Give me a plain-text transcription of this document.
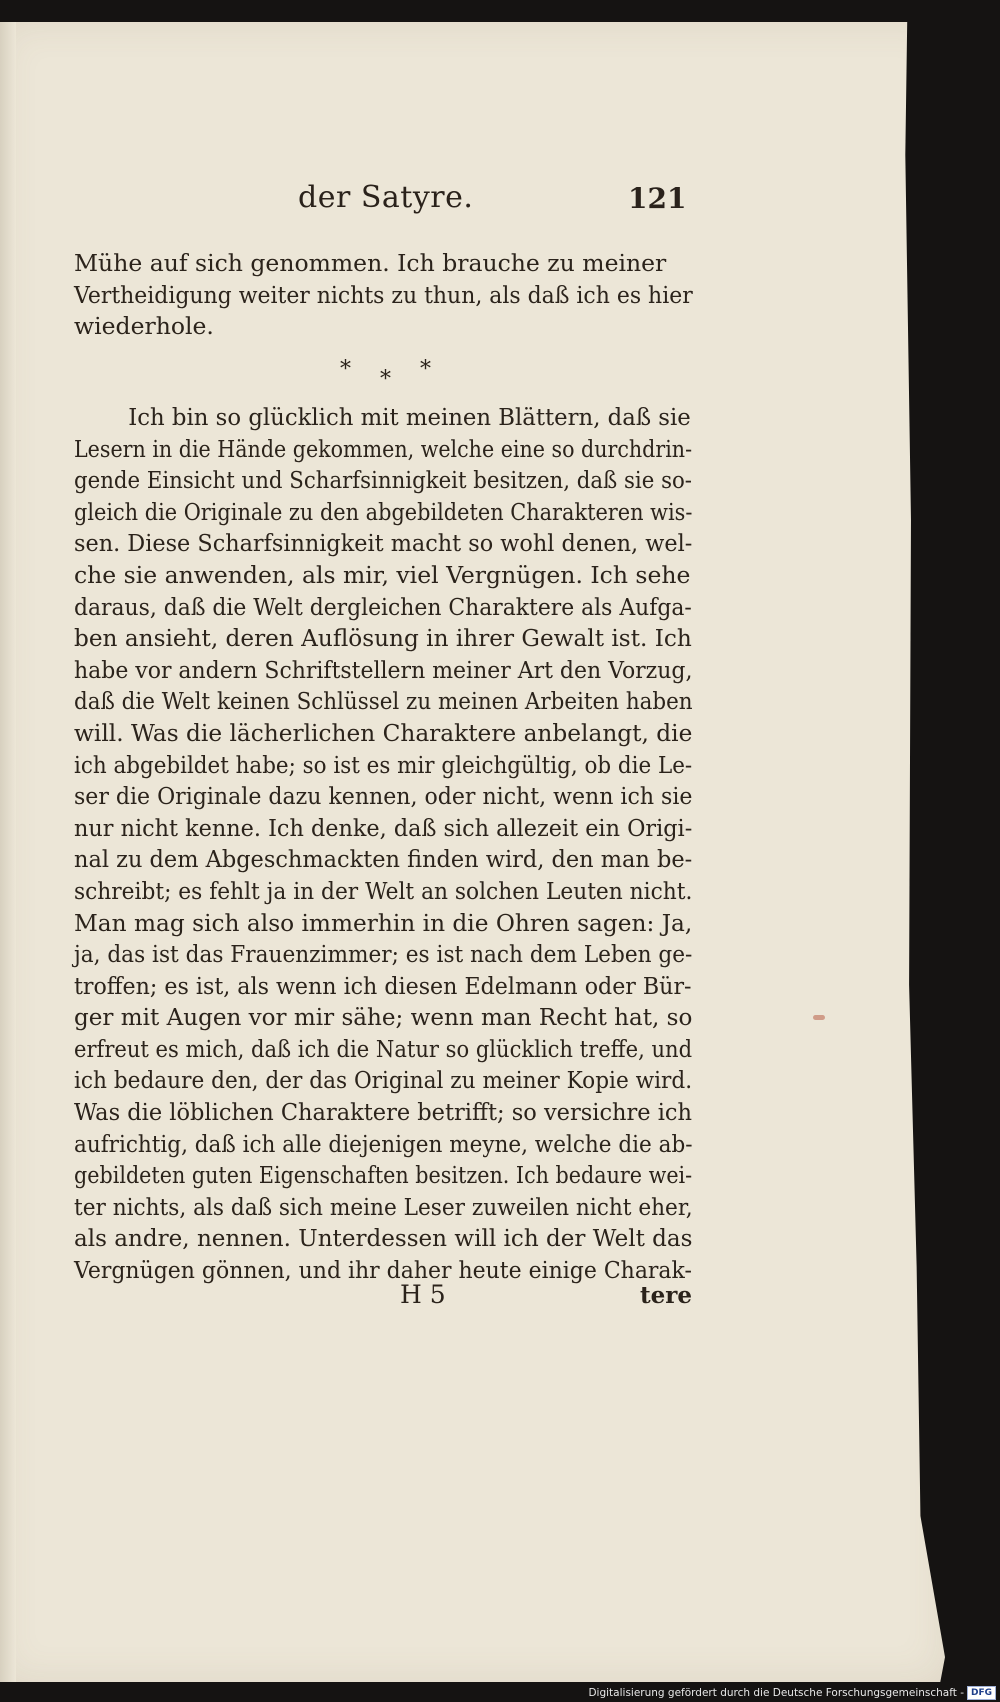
der Satyre.	121
Mühe auf sich genommen. Ich brauche zu meiner
Vertheidigung weiter nichts zu thun, als daß ich es hier
wiederhole.
* * *
Ich bin so glücklich mit meinen Blättern, daß sie
Lesern in die Hände gekommen, welche eine so durchdrin-
gende Einsicht und Scharfsinnigkeit besitzen, daß sie so-
gleich die Originale zu den abgebildeten Charakteren wis-
sen. Diese Scharfsinnigkeit macht so wohl denen, wel-
che sie anwenden, als mir, viel Vergnügen. Ich sehe
daraus, daß die Welt dergleichen Charaktere als Aufga-
ben ansieht, deren Auflösung in ihrer Gewalt ist. Ich
habe vor andern Schriftstellern meiner Art den Vorzug,
daß die Welt keinen Schlüssel zu meinen Arbeiten haben
will. Was die lächerlichen Charaktere anbelangt, die
ich abgebildet habe; so ist es mir gleichgültig, ob die Le-
ser die Originale dazu kennen, oder nicht, wenn ich sie
nur nicht kenne. Ich denke, daß sich allezeit ein Origi-
nal zu dem Abgeschmackten finden wird, den man be-
schreibt; es fehlt ja in der Welt an solchen Leuten nicht.
Man mag sich also immerhin in die Ohren sagen: Ja,
ja, das ist das Frauenzimmer; es ist nach dem Leben ge-
troffen; es ist, als wenn ich diesen Edelmann oder Bür-
ger mit Augen vor mir sähe; wenn man Recht hat, so
erfreut es mich, daß ich die Natur so glücklich treffe, und
ich bedaure den, der das Original zu meiner Kopie wird.
Was die löblichen Charaktere betrifft; so versichre ich
aufrichtig, daß ich alle diejenigen meyne, welche die ab-
gebildeten guten Eigenschaften besitzen. Ich bedaure wei-
ter nichts, als daß sich meine Leser zuweilen nicht eher,
als andre, nennen. Unterdessen will ich der Welt das
Vergnügen gönnen, und ihr daher heute einige Charak-
H 5	tere
Digitalisierung gefördert durch die Deutsche Forschungsgemeinschaft - DFG
